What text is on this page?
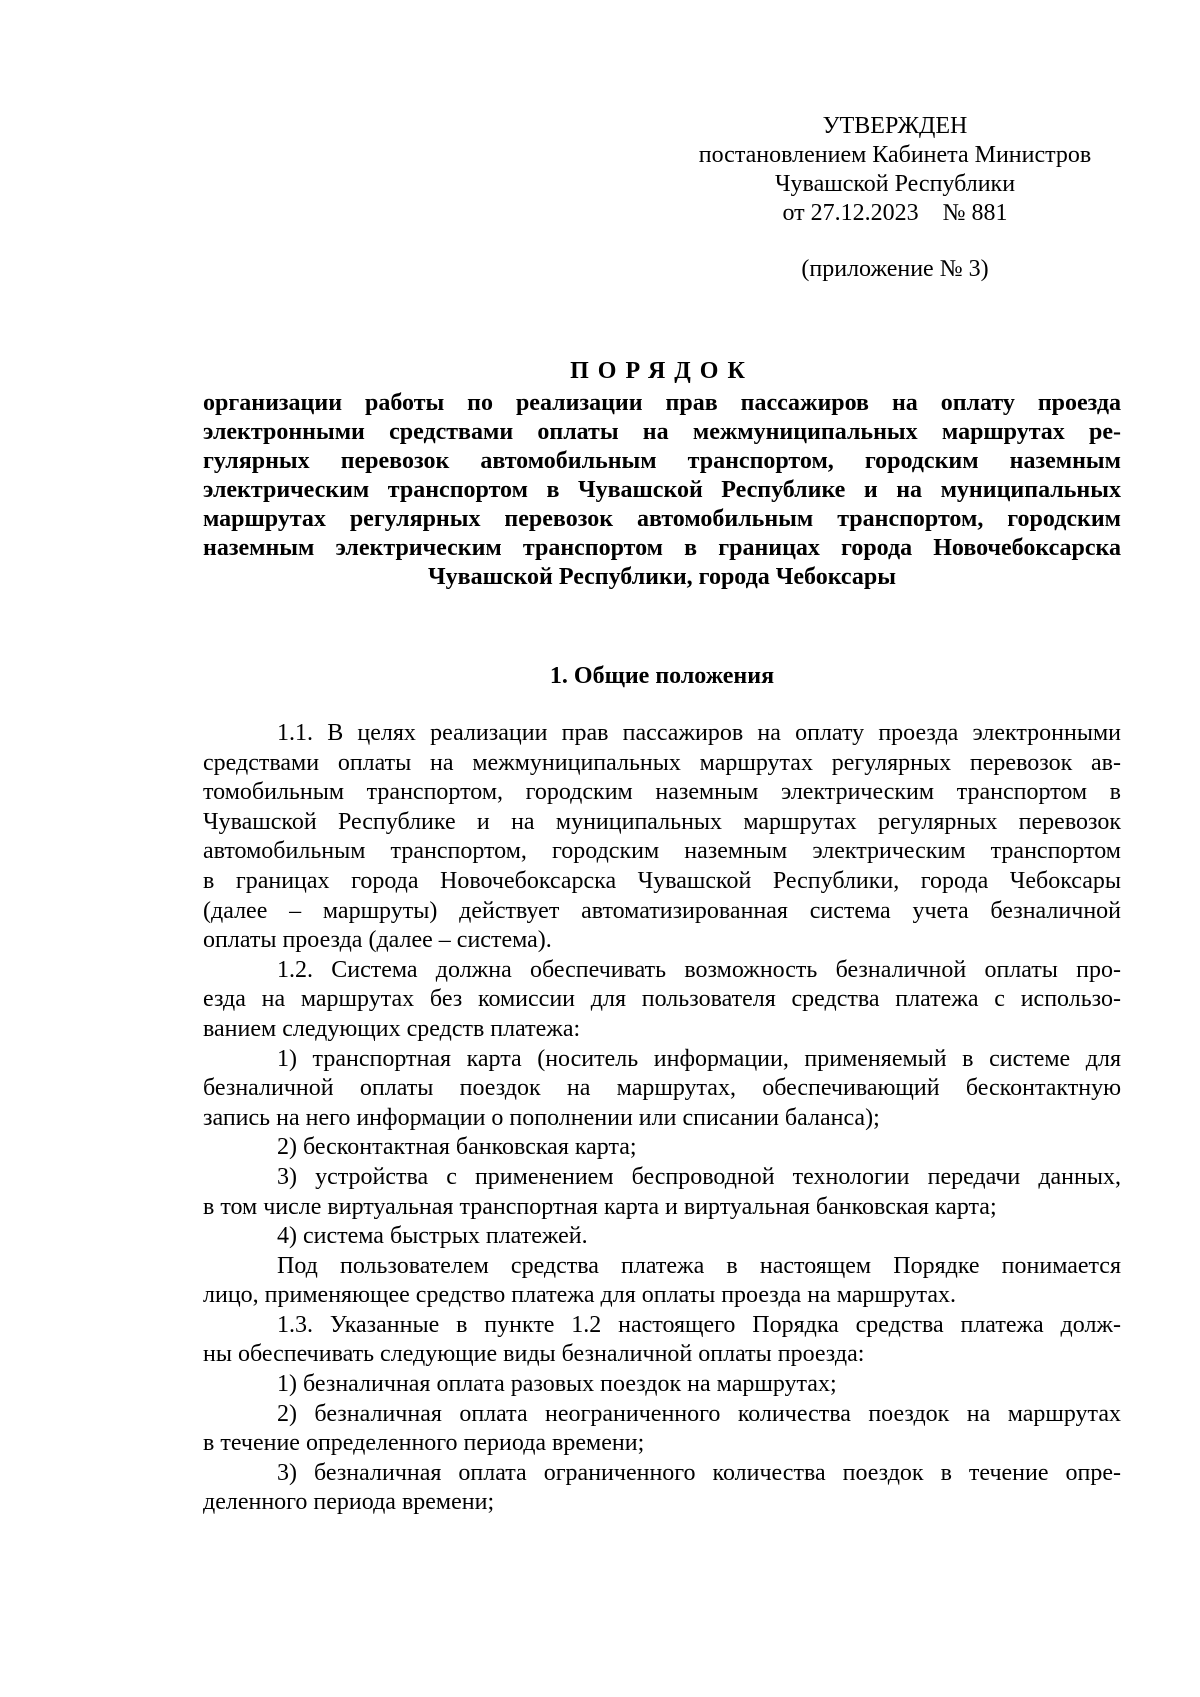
УТВЕРЖДЕН
постановлением Кабинета Министров
Чувашской Республики
от 27.12.2023    № 881
(приложение № 3)
ПОРЯДОК
организации работы по реализации прав пассажиров на оплату проезда
электронными средствами оплаты на межмуниципальных маршрутах ре-
гулярных перевозок автомобильным транспортом, городским наземным
электрическим транспортом в Чувашской Республике и на муниципальных
маршрутах регулярных перевозок автомобильным транспортом, городским
наземным электрическим транспортом в границах города Новочебоксарска
Чувашской Республики, города Чебоксары
1. Общие положения
1.1. В целях реализации прав пассажиров на оплату проезда электронными
средствами оплаты на межмуниципальных маршрутах регулярных перевозок ав-
томобильным транспортом, городским наземным электрическим транспортом в
Чувашской Республике и на муниципальных маршрутах регулярных перевозок
автомобильным транспортом, городским наземным электрическим транспортом
в границах города Новочебоксарска Чувашской Республики, города Чебоксары
(далее – маршруты) действует автоматизированная система учета безналичной
оплаты проезда (далее – система).
1.2. Система должна обеспечивать возможность безналичной оплаты про-
езда на маршрутах без комиссии для пользователя средства платежа с использо-
ванием следующих средств платежа:
1) транспортная карта (носитель информации, применяемый в системе для
безналичной оплаты поездок на маршрутах, обеспечивающий бесконтактную
запись на него информации о пополнении или списании баланса);
2) бесконтактная банковская карта;
3) устройства с применением беспроводной технологии передачи данных,
в том числе виртуальная транспортная карта и виртуальная банковская карта;
4) система быстрых платежей.
Под пользователем средства платежа в настоящем Порядке понимается
лицо, применяющее средство платежа для оплаты проезда на маршрутах.
1.3. Указанные в пункте 1.2 настоящего Порядка средства платежа долж-
ны обеспечивать следующие виды безналичной оплаты проезда:
1) безналичная оплата разовых поездок на маршрутах;
2) безналичная оплата неограниченного количества поездок на маршрутах
в течение определенного периода времени;
3) безналичная оплата ограниченного количества поездок в течение опре-
деленного периода времени;
